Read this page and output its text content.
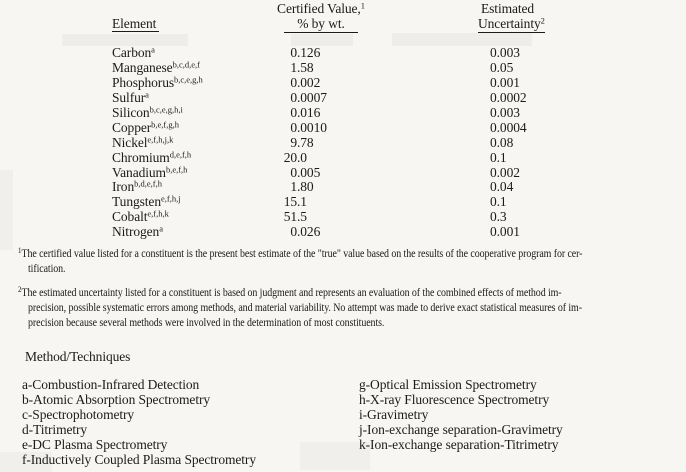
Element
Certified Value,$^1$
% by wt.
Estimated
Uncertainty$^2$
Carbon$^a$	0.126	0.003
Manganese$^{b,c,d,e,f}$	1.58	0.05
Phosphorus$^{b,c,e,g,h}$	0.002	0.001
Sulfur$^a$	0.0007	0.0002
Silicon$^{b,c,e,g,h,i}$	0.016	0.003
Copper$^{b,e,f,g,h}$	0.0010	0.0004
Nickel$^{e,f,h,j,k}$	9.78	0.08
Chromium$^{d,e,f,h}$	20.0	0.1
Vanadium$^{b,e,f,h}$	0.005	0.002
Iron$^{b,d,e,f,h}$	1.80	0.04
Tungsten$^{e,f,h,j}$	15.1	0.1
Cobalt$^{e,f,h,k}$	51.5	0.3
Nitrogen$^a$	0.026	0.001
$^1$The certified value listed for a constituent is the present best estimate of the "true" value based on the results of the cooperative program for cer-
tification.
$^2$The estimated uncertainty listed for a constituent is based on judgment and represents an evaluation of the combined effects of method im-
precision, possible systematic errors among methods, and material variability. No attempt was made to derive exact statistical measures of im-
precision because several methods were involved in the determination of most constituents.
Method/Techniques
a-Combustion-Infrared Detection
b-Atomic Absorption Spectrometry
c-Spectrophotometry
d-Titrimetry
e-DC Plasma Spectrometry
f-Inductively Coupled Plasma Spectrometry
g-Optical Emission Spectrometry
h-X-ray Fluorescence Spectrometry
i-Gravimetry
j-Ion-exchange separation-Gravimetry
k-Ion-exchange separation-Titrimetry
